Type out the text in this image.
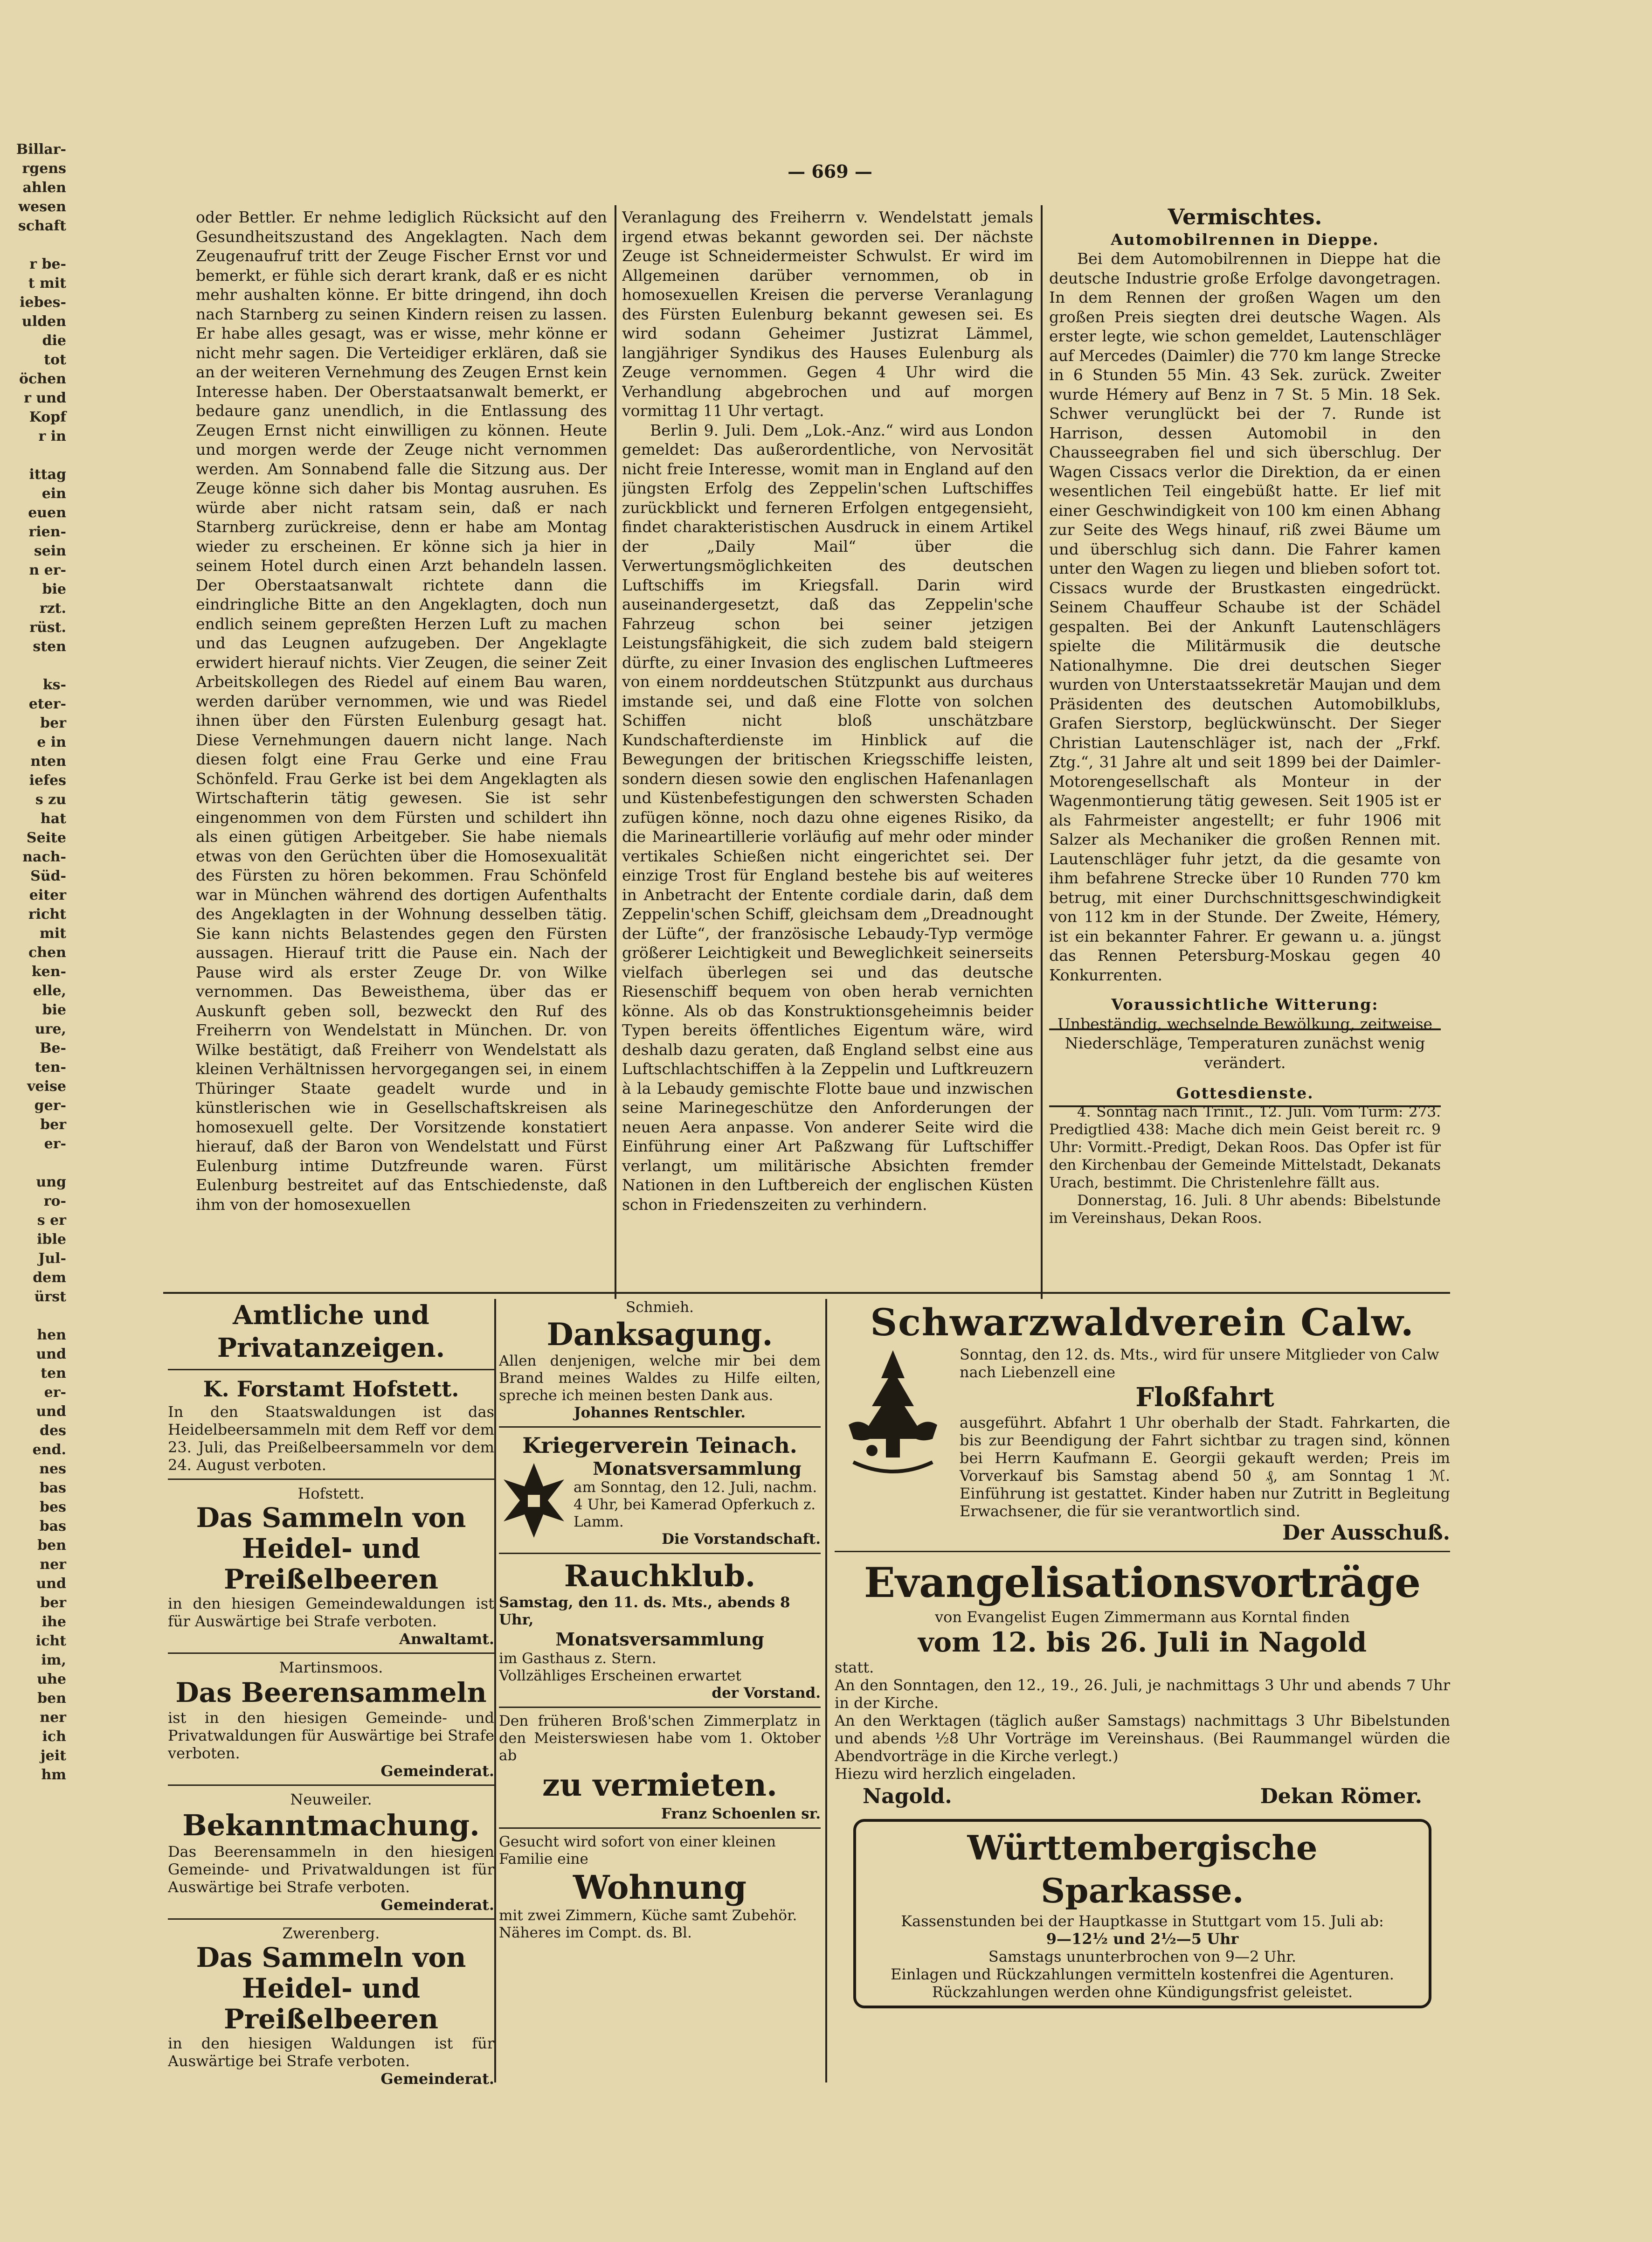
Billar-
rgens
ahlen
wesen
schaft

r be-
t mit
iebes-
ulden
die
tot
öchen
r und
Kopf
r in

ittag
ein
euen
rien-
sein
n er-
bie
rzt.
rüst.
sten

ks-
eter-
ber
e in
nten
iefes
s zu
hat
Seite
nach-
Süd-
eiter
richt
mit
chen
ken-
elle,
bie
ure,
Be-
ten-
veise
ger-
ber
er-

ung
ro-
s er
ible
Jul-
dem
ürst

hen
und
ten
er-
und
des
end.
nes
bas
bes
bas
ben
ner
und
ber
ihe
icht
im,
uhe
ben
ner
ich
jeit
hm
— 669 —

oder Bettler. Er nehme lediglich Rücksicht auf den Gesundheitszustand des Angeklagten. Nach dem Zeugenaufruf tritt der Zeuge Fischer Ernst vor und bemerkt, er fühle sich derart krank, daß er es nicht mehr aushalten könne. Er bitte dringend, ihn doch nach Starnberg zu seinen Kindern reisen zu lassen. Er habe alles gesagt, was er wisse, mehr könne er nicht mehr sagen. Die Verteidiger erklären, daß sie an der weiteren Vernehmung des Zeugen Ernst kein Interesse haben. Der Oberstaatsanwalt bemerkt, er bedaure ganz unendlich, in die Entlassung des Zeugen Ernst nicht einwilligen zu können. Heute und morgen werde der Zeuge nicht vernommen werden. Am Sonnabend falle die Sitzung aus. Der Zeuge könne sich daher bis Montag ausruhen. Es würde aber nicht ratsam sein, daß er nach Starnberg zurückreise, denn er habe am Montag wieder zu erscheinen. Er könne sich ja hier in seinem Hotel durch einen Arzt behandeln lassen. Der Oberstaatsanwalt richtete dann die eindringliche Bitte an den Angeklagten, doch nun endlich seinem gepreßten Herzen Luft zu machen und das Leugnen aufzugeben. Der Angeklagte erwidert hierauf nichts. Vier Zeugen, die seiner Zeit Arbeitskollegen des Riedel auf einem Bau waren, werden darüber vernommen, wie und was Riedel ihnen über den Fürsten Eulenburg gesagt hat. Diese Vernehmungen dauern nicht lange. Nach diesen folgt eine Frau Gerke und eine Frau Schönfeld. Frau Gerke ist bei dem Angeklagten als Wirtschafterin tätig gewesen. Sie ist sehr eingenommen von dem Fürsten und schildert ihn als einen gütigen Arbeitgeber. Sie habe niemals etwas von den Gerüchten über die Homosexualität des Fürsten zu hören bekommen. Frau Schönfeld war in München während des dortigen Aufenthalts des Angeklagten in der Wohnung desselben tätig. Sie kann nichts Belastendes gegen den Fürsten aussagen. Hierauf tritt die Pause ein. Nach der Pause wird als erster Zeuge Dr. von Wilke vernommen. Das Beweisthema, über das er Auskunft geben soll, bezweckt den Ruf des Freiherrn von Wendelstatt in München. Dr. von Wilke bestätigt, daß Freiherr von Wendelstatt als kleinen Verhältnissen hervorgegangen sei, in einem Thüringer Staate geadelt wurde und in künstlerischen wie in Gesellschaftskreisen als homosexuell gelte. Der Vorsitzende konstatiert hierauf, daß der Baron von Wendelstatt und Fürst Eulenburg intime Dutzfreunde waren. Fürst Eulenburg bestreitet auf das Entschiedenste, daß ihm von der homosexuellen

Veranlagung des Freiherrn v. Wendelstatt jemals irgend etwas bekannt geworden sei. Der nächste Zeuge ist Schneidermeister Schwulst. Er wird im Allgemeinen darüber vernommen, ob in homosexuellen Kreisen die perverse Veranlagung des Fürsten Eulenburg bekannt gewesen sei. Es wird sodann Geheimer Justizrat Lämmel, langjähriger Syndikus des Hauses Eulenburg als Zeuge vernommen. Gegen 4 Uhr wird die Verhandlung abgebrochen und auf morgen vormittag 11 Uhr vertagt.

Berlin 9. Juli. Dem „Lok.-Anz.“ wird aus London gemeldet: Das außerordentliche, von Nervosität nicht freie Interesse, womit man in England auf den jüngsten Erfolg des Zeppelin'schen Luftschiffes zurückblickt und ferneren Erfolgen entgegensieht, findet charakteristischen Ausdruck in einem Artikel der „Daily Mail“ über die Verwertungsmöglichkeiten des deutschen Luftschiffs im Kriegsfall. Darin wird auseinandergesetzt, daß das Zeppelin'sche Fahrzeug schon bei seiner jetzigen Leistungsfähigkeit, die sich zudem bald steigern dürfte, zu einer Invasion des englischen Luftmeeres von einem norddeutschen Stützpunkt aus durchaus imstande sei, und daß eine Flotte von solchen Schiffen nicht bloß unschätzbare Kundschafterdienste im Hinblick auf die Bewegungen der britischen Kriegsschiffe leisten, sondern diesen sowie den englischen Hafenanlagen und Küstenbefestigungen den schwersten Schaden zufügen könne, noch dazu ohne eigenes Risiko, da die Marineartillerie vorläufig auf mehr oder minder vertikales Schießen nicht eingerichtet sei. Der einzige Trost für England bestehe bis auf weiteres in Anbetracht der Entente cordiale darin, daß dem Zeppelin'schen Schiff, gleichsam dem „Dreadnought der Lüfte“, der französische Lebaudy-Typ vermöge größerer Leichtigkeit und Beweglichkeit seinerseits vielfach überlegen sei und das deutsche Riesenschiff bequem von oben herab vernichten könne. Als ob das Konstruktionsgeheimnis beider Typen bereits öffentliches Eigentum wäre, wird deshalb dazu geraten, daß England selbst eine aus Luftschlachtschiffen à la Zeppelin und Luftkreuzern à la Lebaudy gemischte Flotte baue und inzwischen seine Marinegeschütze den Anforderungen der neuen Aera anpasse. Von anderer Seite wird die Einführung einer Art Paßzwang für Luftschiffer verlangt, um militärische Absichten fremder Nationen in den Luftbereich der englischen Küsten schon in Friedenszeiten zu verhindern.

Vermischtes.
Automobilrennen in Dieppe.

Bei dem Automobilrennen in Dieppe hat die deutsche Industrie große Erfolge davongetragen. In dem Rennen der großen Wagen um den großen Preis siegten drei deutsche Wagen. Als erster legte, wie schon gemeldet, Lautenschläger auf Mercedes (Daimler) die 770 km lange Strecke in 6 Stunden 55 Min. 43 Sek. zurück. Zweiter wurde Hémery auf Benz in 7 St. 5 Min. 18 Sek. Schwer verunglückt bei der 7. Runde ist Harrison, dessen Automobil in den Chausseegraben fiel und sich überschlug. Der Wagen Cissacs verlor die Direktion, da er einen wesentlichen Teil eingebüßt hatte. Er lief mit einer Geschwindigkeit von 100 km einen Abhang zur Seite des Wegs hinauf, riß zwei Bäume um und überschlug sich dann. Die Fahrer kamen unter den Wagen zu liegen und blieben sofort tot. Cissacs wurde der Brustkasten eingedrückt. Seinem Chauffeur Schaube ist der Schädel gespalten. Bei der Ankunft Lautenschlägers spielte die Militärmusik die deutsche Nationalhymne. Die drei deutschen Sieger wurden von Unterstaatssekretär Maujan und dem Präsidenten des deutschen Automobilklubs, Grafen Sierstorp, beglückwünscht. Der Sieger Christian Lautenschläger ist, nach der „Frkf. Ztg.“, 31 Jahre alt und seit 1899 bei der Daimler-Motorengesellschaft als Monteur in der Wagenmontierung tätig gewesen. Seit 1905 ist er als Fahrmeister angestellt; er fuhr 1906 mit Salzer als Mechaniker die großen Rennen mit. Lautenschläger fuhr jetzt, da die gesamte von ihm befahrene Strecke über 10 Runden 770 km betrug, mit einer Durchschnittsgeschwindigkeit von 112 km in der Stunde. Der Zweite, Hémery, ist ein bekannter Fahrer. Er gewann u. a. jüngst das Rennen Petersburg-Moskau gegen 40 Konkurrenten.

Voraussichtliche Witterung:

Unbeständig, wechselnde Bewölkung, zeitweise Niederschläge, Temperaturen zunächst wenig verändert.

Gottesdienste.

4. Sonntag nach Trinit., 12. Juli. Vom Turm: 273. Predigtlied 438: Mache dich mein Geist bereit rc. 9 Uhr: Vormitt.-Predigt, Dekan Roos. Das Opfer ist für den Kirchenbau der Gemeinde Mittelstadt, Dekanats Urach, bestimmt. Die Christenlehre fällt aus.

Donnerstag, 16. Juli. 8 Uhr abends: Bibelstunde im Vereinshaus, Dekan Roos.

Amtliche und Privatanzeigen.
K. Forstamt Hofstett.

In den Staatswaldungen ist das Heidelbeersammeln mit dem Reff vor dem 23. Juli, das Preißelbeersammeln vor dem 24. August verboten.

Hofstett.

Das Sammeln von Heidel- und Preißelbeeren

in den hiesigen Gemeindewaldungen ist für Auswärtige bei Strafe verboten.

Anwaltamt.

Martinsmoos.

Das Beerensammeln

ist in den hiesigen Gemeinde- und Privatwaldungen für Auswärtige bei Strafe verboten.

Gemeinderat.

Neuweiler.

Bekanntmachung.

Das Beerensammeln in den hiesigen Gemeinde- und Privatwaldungen ist für Auswärtige bei Strafe verboten.

Gemeinderat.

Zwerenberg.

Das Sammeln von Heidel- und Preißelbeeren

in den hiesigen Waldungen ist für Auswärtige bei Strafe verboten.

Gemeinderat.

Schmieh.

Danksagung.

Allen denjenigen, welche mir bei dem Brand meines Waldes zu Hilfe eilten, spreche ich meinen besten Dank aus.

Johannes Rentschler.

Kriegerverein Teinach.
Monatsversammlung

am Sonntag, den 12. Juli, nachm. 4 Uhr, bei Kamerad Opferkuch z. Lamm.

Die Vorstandschaft.

Rauchklub.

Samstag, den 11. ds. Mts., abends 8 Uhr,

Monatsversammlung

im Gasthaus z. Stern.

Vollzähliges Erscheinen erwartet

der Vorstand.

Den früheren Broß'schen Zimmerplatz in den Meisterswiesen habe vom 1. Oktober ab

zu vermieten.

Franz Schoenlen sr.

Gesucht wird sofort von einer kleinen Familie eine

Wohnung

mit zwei Zimmern, Küche samt Zubehör. Näheres im Compt. ds. Bl.

Schwarzwaldverein Calw.

Sonntag, den 12. ds. Mts., wird für unsere Mitglieder von Calw nach Liebenzell eine

Floßfahrt

ausgeführt. Abfahrt 1 Uhr oberhalb der Stadt. Fahrkarten, die bis zur Beendigung der Fahrt sichtbar zu tragen sind, können bei Herrn Kaufmann E. Georgii gekauft werden; Preis im Vorverkauf bis Samstag abend 50 ₰, am Sonntag 1 ℳ. Einführung ist gestattet. Kinder haben nur Zutritt in Begleitung Erwachsener, die für sie verantwortlich sind.

Der Ausschuß.

Evangelisationsvorträge

von Evangelist Eugen Zimmermann aus Korntal finden

vom 12. bis 26. Juli in Nagold

statt.

An den Sonntagen, den 12., 19., 26. Juli, je nachmittags 3 Uhr und abends 7 Uhr in der Kirche.

An den Werktagen (täglich außer Samstags) nachmittags 3 Uhr Bibelstunden und abends ½8 Uhr Vorträge im Vereinshaus. (Bei Raummangel würden die Abendvorträge in die Kirche verlegt.)

Hiezu wird herzlich eingeladen.

Nagold.	Dekan Römer.
Württembergische Sparkasse.

Kassenstunden bei der Hauptkasse in Stuttgart vom 15. Juli ab:

9—12½ und 2½—5 Uhr

Samstags ununterbrochen von 9—2 Uhr.

Einlagen und Rückzahlungen vermitteln kostenfrei die Agenturen.

Rückzahlungen werden ohne Kündigungsfrist geleistet.
